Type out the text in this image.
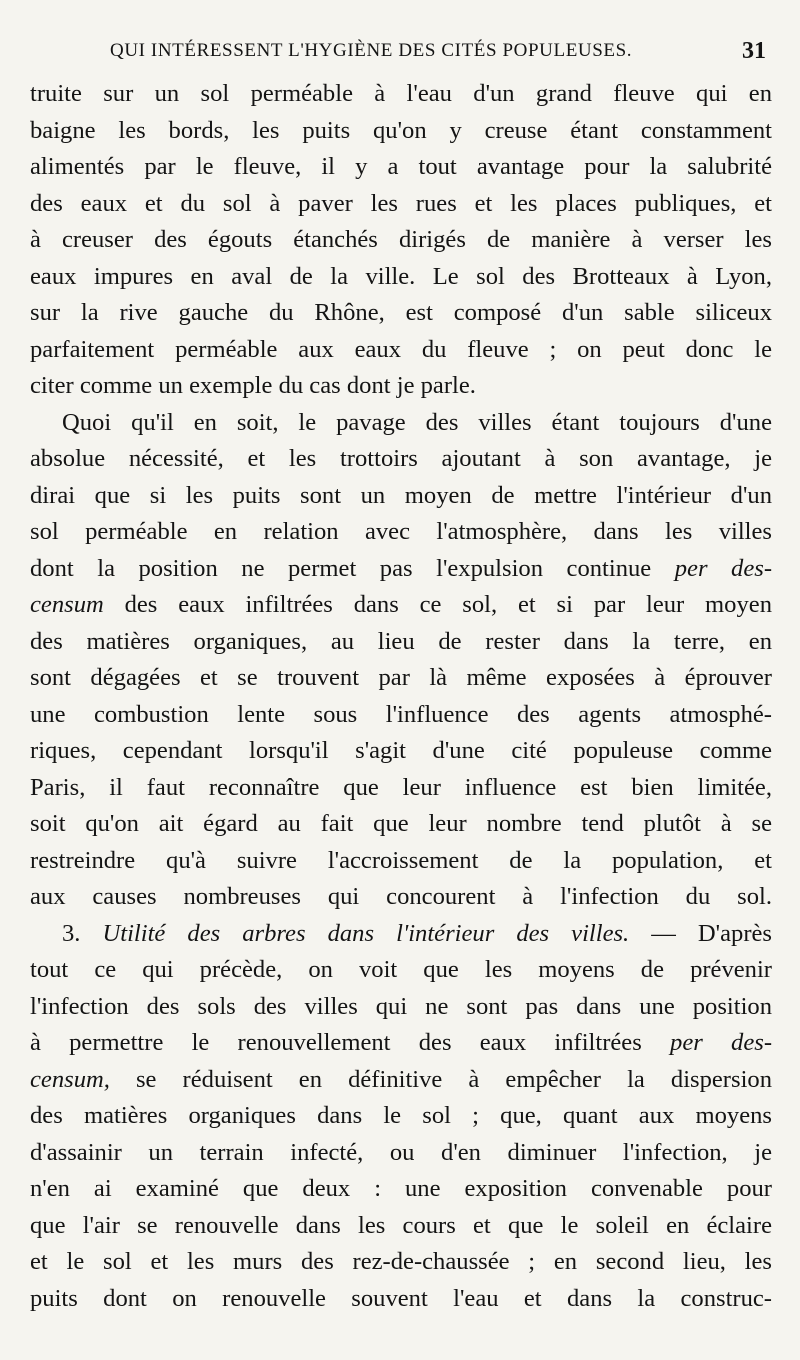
QUI INTÉRESSENT L'HYGIÈNE DES CITÉS POPULEUSES.	31
truite sur un sol perméable à l'eau d'un grand fleuve qui en
baigne les bords, les puits qu'on y creuse étant constamment
alimentés par le fleuve, il y a tout avantage pour la salubrité
des eaux et du sol à paver les rues et les places publiques, et
à creuser des égouts étanchés dirigés de manière à verser les
eaux impures en aval de la ville. Le sol des Brotteaux à Lyon,
sur la rive gauche du Rhône, est composé d'un sable siliceux
parfaitement perméable aux eaux du fleuve ; on peut donc le
citer comme un exemple du cas dont je parle.
Quoi qu'il en soit, le pavage des villes étant toujours d'une
absolue nécessité, et les trottoirs ajoutant à son avantage, je
dirai que si les puits sont un moyen de mettre l'intérieur d'un
sol perméable en relation avec l'atmosphère, dans les villes
dont la position ne permet pas l'expulsion continue per des-
censum des eaux infiltrées dans ce sol, et si par leur moyen
des matières organiques, au lieu de rester dans la terre, en
sont dégagées et se trouvent par là même exposées à éprouver
une combustion lente sous l'influence des agents atmosphé-
riques, cependant lorsqu'il s'agit d'une cité populeuse comme
Paris, il faut reconnaître que leur influence est bien limitée,
soit qu'on ait égard au fait que leur nombre tend plutôt à se
restreindre qu'à suivre l'accroissement de la population, et
aux causes nombreuses qui concourent à l'infection du sol.
3. Utilité des arbres dans l'intérieur des villes. — D'après
tout ce qui précède, on voit que les moyens de prévenir
l'infection des sols des villes qui ne sont pas dans une position
à permettre le renouvellement des eaux infiltrées per des-
censum, se réduisent en définitive à empêcher la dispersion
des matières organiques dans le sol ; que, quant aux moyens
d'assainir un terrain infecté, ou d'en diminuer l'infection, je
n'en ai examiné que deux : une exposition convenable pour
que l'air se renouvelle dans les cours et que le soleil en éclaire
et le sol et les murs des rez-de-chaussée ; en second lieu, les
puits dont on renouvelle souvent l'eau et dans la construc-
